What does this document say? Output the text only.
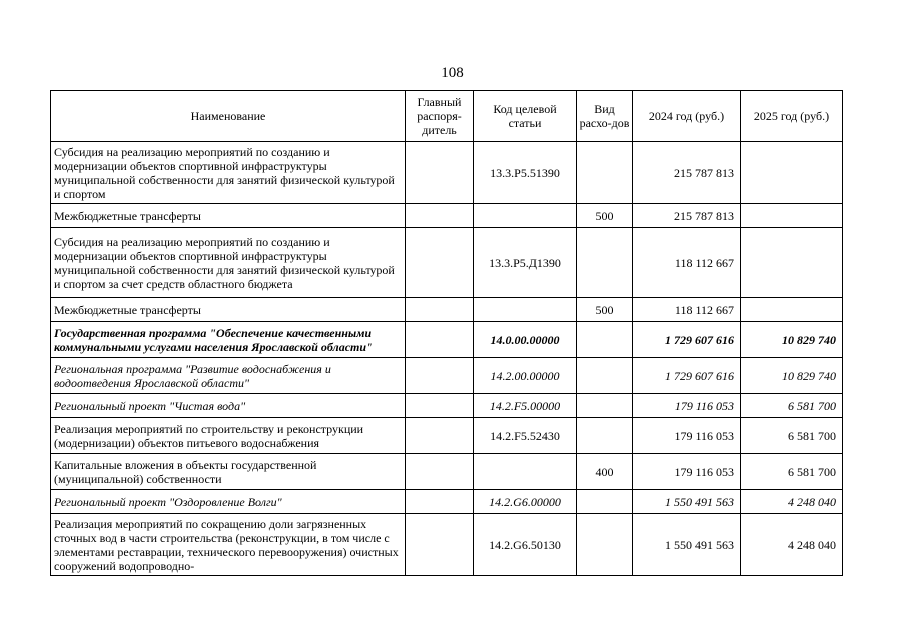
108
Наименование	Главный распоря-дитель	Код целевой статьи	Вид расхо-дов	2024 год (руб.)	2025 год (руб.)
Субсидия на реализацию мероприятий по созданию и модернизации объектов спортивной инфраструктуры муниципальной собственности для занятий физической культурой и спортом		13.3.P5.51390		215 787 813	
Межбюджетные трансферты			500	215 787 813	
Субсидия на реализацию мероприятий по созданию и модернизации объектов спортивной инфраструктуры муниципальной собственности для занятий физической культурой и спортом за счет средств областного бюджета		13.3.P5.Д1390		118 112 667	
Межбюджетные трансферты			500	118 112 667	
Государственная программа "Обеспечение качественными коммунальными услугами населения Ярославской области"		14.0.00.00000		1 729 607 616	10 829 740
Региональная программа "Развитие водоснабжения и водоотведения Ярославской области"		14.2.00.00000		1 729 607 616	10 829 740
Региональный проект "Чистая вода"		14.2.F5.00000		179 116 053	6 581 700
Реализация мероприятий по строительству и реконструкции (модернизации) объектов питьевого водоснабжения		14.2.F5.52430		179 116 053	6 581 700
Капитальные вложения в объекты государственной (муниципальной) собственности			400	179 116 053	6 581 700
Региональный проект "Оздоровление Волги"		14.2.G6.00000		1 550 491 563	4 248 040
Реализация мероприятий по сокращению доли загрязненных сточных вод в части строительства (реконструкции, в том числе с элементами реставрации, технического перевооружения) очистных сооружений водопроводно-		14.2.G6.50130		1 550 491 563	4 248 040
